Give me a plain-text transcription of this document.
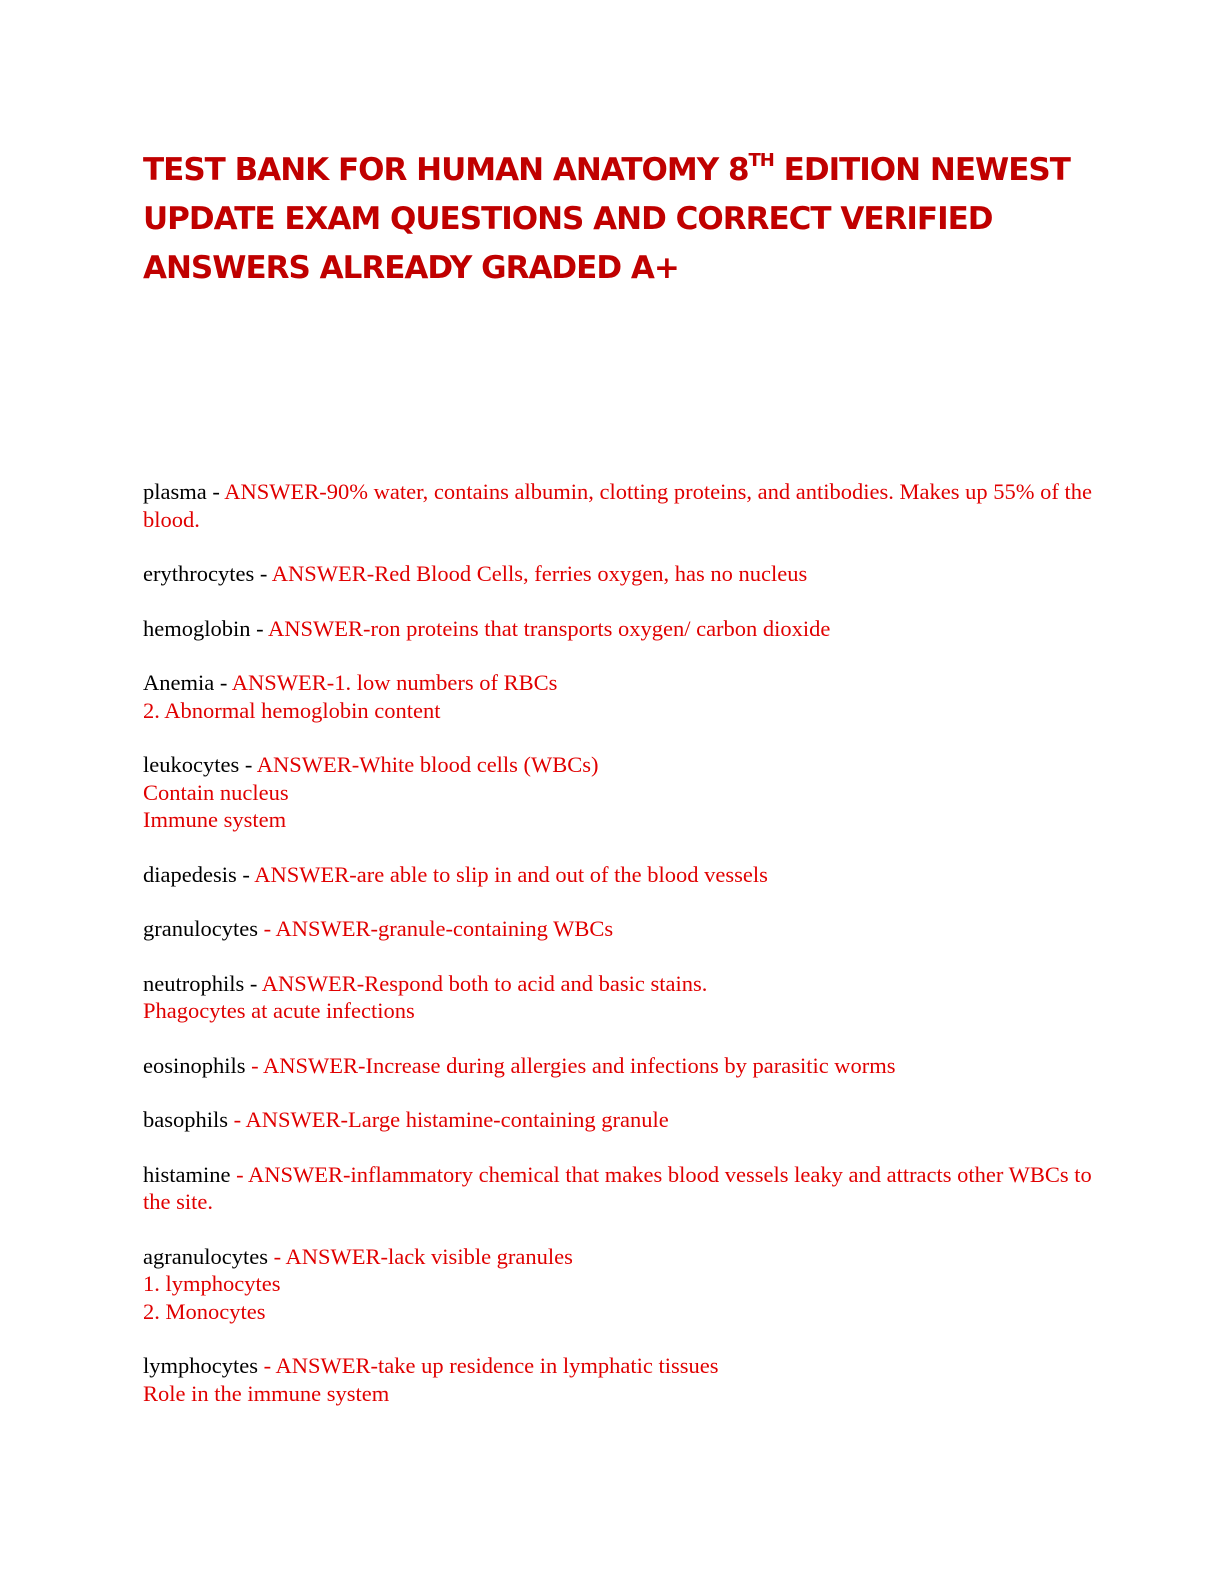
TEST BANK FOR HUMAN ANATOMY 8TH EDITION NEWEST UPDATE EXAM QUESTIONS AND CORRECT VERIFIED ANSWERS ALREADY GRADED A+

plasma - ANSWER-90% water, contains albumin, clotting proteins, and antibodies. Makes up 55% of the blood.

erythrocytes - ANSWER-Red Blood Cells, ferries oxygen, has no nucleus

hemoglobin - ANSWER-ron proteins that transports oxygen/ carbon dioxide

Anemia - ANSWER-1. low numbers of RBCs
2. Abnormal hemoglobin content

leukocytes - ANSWER-White blood cells (WBCs)
Contain nucleus
Immune system

diapedesis - ANSWER-are able to slip in and out of the blood vessels

granulocytes - ANSWER-granule-containing WBCs

neutrophils - ANSWER-Respond both to acid and basic stains.
Phagocytes at acute infections

eosinophils - ANSWER-Increase during allergies and infections by parasitic worms

basophils - ANSWER-Large histamine-containing granule

histamine - ANSWER-inflammatory chemical that makes blood vessels leaky and attracts other WBCs to the site.

agranulocytes - ANSWER-lack visible granules
1. lymphocytes
2. Monocytes

lymphocytes - ANSWER-take up residence in lymphatic tissues
Role in the immune system
